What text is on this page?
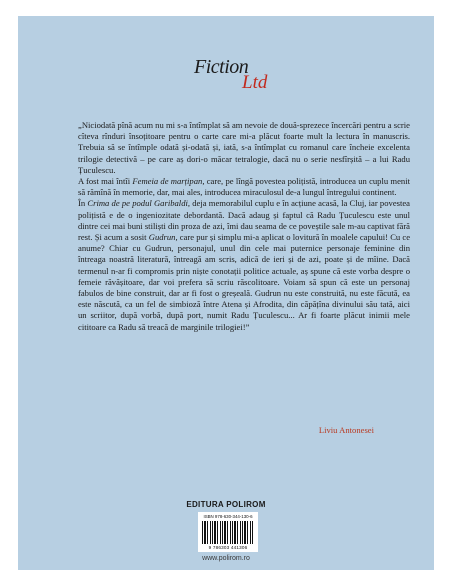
Fiction
Ltd

„Niciodată pînă acum nu mi s-a întîmplat să am nevoie de două-sprezece încercări pentru a scrie cîteva rînduri însoțitoare pentru o carte care mi-a plăcut foarte mult la lectura în manuscris. Trebuia să se întîmple odată și-odată și, iată, s-a întîmplat cu romanul care încheie excelenta trilogie detectivă – pe care aș dori-o măcar tetralogie, dacă nu o serie nesfîrșită – a lui Radu Țuculescu.

A fost mai întîi Femeia de marțipan, care, pe lîngă povestea polițistă, introducea un cuplu menit să rămînă în memorie, dar, mai ales, introducea miraculosul de-a lungul întregului continent.

În Crima de pe podul Garibaldi, deja memorabilul cuplu e în acțiune acasă, la Cluj, iar povestea polițistă e de o ingeniozitate debordantă. Dacă adaug și faptul că Radu Țuculescu este unul dintre cei mai buni stiliști din proza de azi, îmi dau seama de ce poveștile sale m-au captivat fără rest. Și acum a sosit Gudrun, care pur și simplu mi-a aplicat o lovitură în moalele capului! Cu ce anume? Chiar cu Gudrun, personajul, unul din cele mai puternice personaje feminine din întreaga noastră literatură, întreagă am scris, adică de ieri și de azi, poate și de mîine. Dacă termenul n-ar fi compromis prin niște conotații politice actuale, aș spune că este vorba despre o femeie răvășitoare, dar voi prefera să scriu răscolitoare. Voiam să spun că este un personaj fabulos de bine construit, dar ar fi fost o greșeală. Gudrun nu este construită, nu este făcută, ea este născută, ca un fel de simbioză între Atena și Afrodita, din căpățîna divinului său tată, aici un scriitor, după vorbă, după port, numit Radu Țuculescu... Ar fi foarte plăcut inimii mele cititoare ca Radu să treacă de marginile trilogiei!”

Liviu Antonesei
EDITURA POLIROM
ISBN 978-630-344-130-6
9 786303 441306
www.polirom.ro
